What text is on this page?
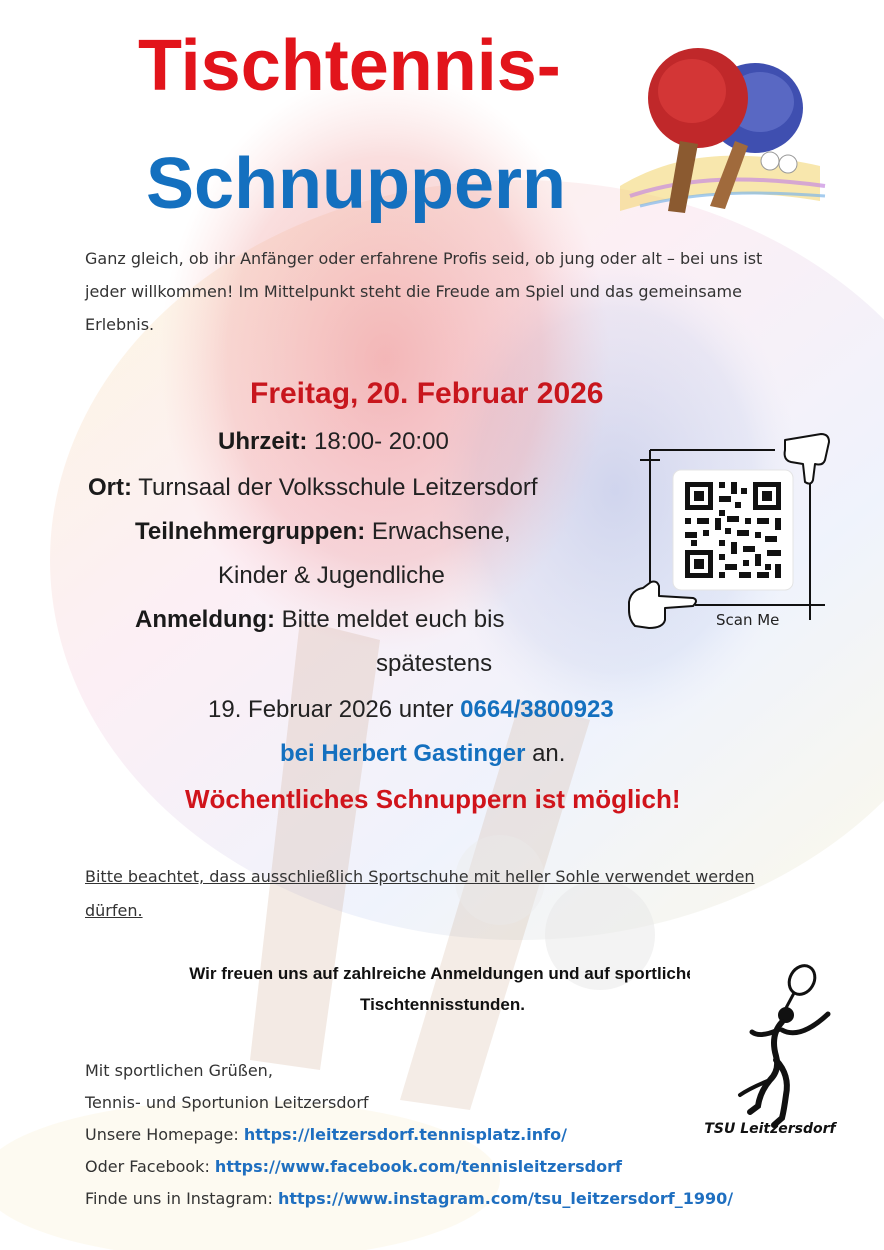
Tischtennis-
Schnuppern
Ganz gleich, ob ihr Anfänger oder erfahrene Profis seid, ob jung oder alt – bei uns ist jeder willkommen! Im Mittelpunkt steht die Freude am Spiel und das gemeinsame Erlebnis.
Freitag, 20. Februar 2026
Uhrzeit: 18:00- 20:00
Ort: Turnsaal der Volksschule Leitzersdorf
Teilnehmergruppen: Erwachsene,
Kinder & Jugendliche
Anmeldung: Bitte meldet euch bis
spätestens
19. Februar 2026 unter 0664/3800923
bei Herbert Gastinger an.
Wöchentliches Schnuppern ist möglich!
Scan Me
Bitte beachtet, dass ausschließlich Sportschuhe mit heller Sohle verwendet werden dürfen.
Wir freuen uns auf zahlreiche Anmeldungen und auf sportliche Tischtennisstunden.
Mit sportlichen Grüßen,
Tennis- und Sportunion Leitzersdorf
Unsere Homepage: https://leitzersdorf.tennisplatz.info/
Oder Facebook: https://www.facebook.com/tennisleitzersdorf
Finde uns in Instagram: https://www.instagram.com/tsu_leitzersdorf_1990/
TSU Leitzersdorf
